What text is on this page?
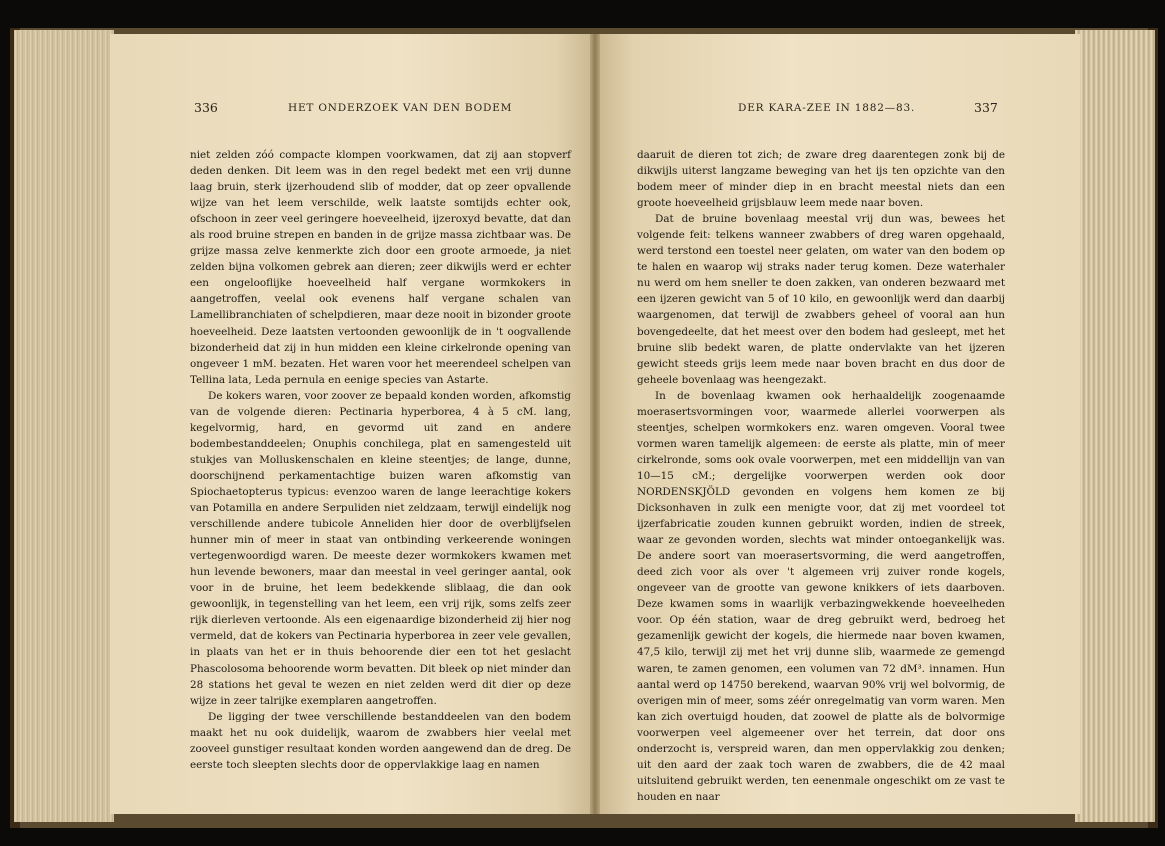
336	HET ONDERZOEK VAN DEN BODEM

niet zelden zóó compacte klompen voorkwamen, dat zij aan stopverf deden denken. Dit leem was in den regel bedekt met een vrij dunne laag bruin, sterk ijzerhoudend slib of modder, dat op zeer opvallende wijze van het leem verschilde, welk laatste somtijds echter ook, ofschoon in zeer veel geringere hoeveelheid, ijzeroxyd bevatte, dat dan als rood bruine strepen en banden in de grijze massa zichtbaar was. De grijze massa zelve kenmerkte zich door een groote armoede, ja niet zelden bijna volkomen gebrek aan dieren; zeer dikwijls werd er echter een ongelooflijke hoeveelheid half vergane wormkokers in aangetroffen, veelal ook evenens half vergane schalen van Lamellibranchiaten of schelpdieren, maar deze nooit in bizonder groote hoeveelheid. Deze laatsten vertoonden gewoonlijk de in 't oogvallende bizonderheid dat zij in hun midden een kleine cirkelronde opening van ongeveer 1 mM. bezaten. Het waren voor het meerendeel schelpen van Tellina lata, Leda pernula en eenige species van Astarte.

De kokers waren, voor zoover ze bepaald konden worden, afkomstig van de volgende dieren: Pectinaria hyperborea, 4 à 5 cM. lang, kegelvormig, hard, en gevormd uit zand en andere bodembestanddeelen; Onuphis conchilega, plat en samengesteld uit stukjes van Molluskenschalen en kleine steentjes; de lange, dunne, doorschijnend perkamentachtige buizen waren afkomstig van Spiochaetopterus typicus: evenzoo waren de lange leerachtige kokers van Potamilla en andere Serpuliden niet zeldzaam, terwijl eindelijk nog verschillende andere tubicole Anneliden hier door de overblijfselen hunner min of meer in staat van ontbinding verkeerende woningen vertegenwoordigd waren. De meeste dezer wormkokers kwamen met hun levende bewoners, maar dan meestal in veel geringer aantal, ook voor in de bruine, het leem bedekkende sliblaag, die dan ook gewoonlijk, in tegenstelling van het leem, een vrij rijk, soms zelfs zeer rijk dierleven vertoonde. Als een eigenaardige bizonderheid zij hier nog vermeld, dat de kokers van Pectinaria hyperborea in zeer vele gevallen, in plaats van het er in thuis behoorende dier een tot het geslacht Phascolosoma behoorende worm bevatten. Dit bleek op niet minder dan 28 stations het geval te wezen en niet zelden werd dit dier op deze wijze in zeer talrijke exemplaren aangetroffen.

De ligging der twee verschillende bestanddeelen van den bodem maakt het nu ook duidelijk, waarom de zwabbers hier veelal met zooveel gunstiger resultaat konden worden aangewend dan de dreg. De eerste toch sleepten slechts door de oppervlakkige laag en namen

DER KARA-ZEE IN 1882—83.	337

daaruit de dieren tot zich; de zware dreg daarentegen zonk bij de dikwijls uiterst langzame beweging van het ijs ten opzichte van den bodem meer of minder diep in en bracht meestal niets dan een groote hoeveelheid grijsblauw leem mede naar boven.

Dat de bruine bovenlaag meestal vrij dun was, bewees het volgende feit: telkens wanneer zwabbers of dreg waren opgehaald, werd terstond een toestel neer gelaten, om water van den bodem op te halen en waarop wij straks nader terug komen. Deze waterhaler nu werd om hem sneller te doen zakken, van onderen bezwaard met een ijzeren gewicht van 5 of 10 kilo, en gewoonlijk werd dan daarbij waargenomen, dat terwijl de zwabbers geheel of vooral aan hun bovengedeelte, dat het meest over den bodem had gesleept, met het bruine slib bedekt waren, de platte ondervlakte van het ijzeren gewicht steeds grijs leem mede naar boven bracht en dus door de geheele bovenlaag was heengezakt.

In de bovenlaag kwamen ook herhaaldelijk zoogenaamde moerasertsvormingen voor, waarmede allerlei voorwerpen als steentjes, schelpen wormkokers enz. waren omgeven. Vooral twee vormen waren tamelijk algemeen: de eerste als platte, min of meer cirkelronde, soms ook ovale voorwerpen, met een middellijn van van 10—15 cM.; dergelijke voorwerpen werden ook door NORDENSKJÖLD gevonden en volgens hem komen ze bij Dicksonhaven in zulk een menigte voor, dat zij met voordeel tot ijzerfabricatie zouden kunnen gebruikt worden, indien de streek, waar ze gevonden worden, slechts wat minder ontoegankelijk was. De andere soort van moerasertsvorming, die werd aangetroffen, deed zich voor als over 't algemeen vrij zuiver ronde kogels, ongeveer van de grootte van gewone knikkers of iets daarboven. Deze kwamen soms in waarlijk verbazingwekkende hoeveelheden voor. Op één station, waar de dreg gebruikt werd, bedroeg het gezamenlijk gewicht der kogels, die hiermede naar boven kwamen, 47,5 kilo, terwijl zij met het vrij dunne slib, waarmede ze gemengd waren, te zamen genomen, een volumen van 72 dM³. innamen. Hun aantal werd op 14750 berekend, waarvan 90% vrij wel bolvormig, de overigen min of meer, soms zéér onregelmatig van vorm waren. Men kan zich overtuigd houden, dat zoowel de platte als de bolvormige voorwerpen veel algemeener over het terrein, dat door ons onderzocht is, verspreid waren, dan men oppervlakkig zou denken; uit den aard der zaak toch waren de zwabbers, die de 42 maal uitsluitend gebruikt werden, ten eenenmale ongeschikt om ze vast te houden en naar
